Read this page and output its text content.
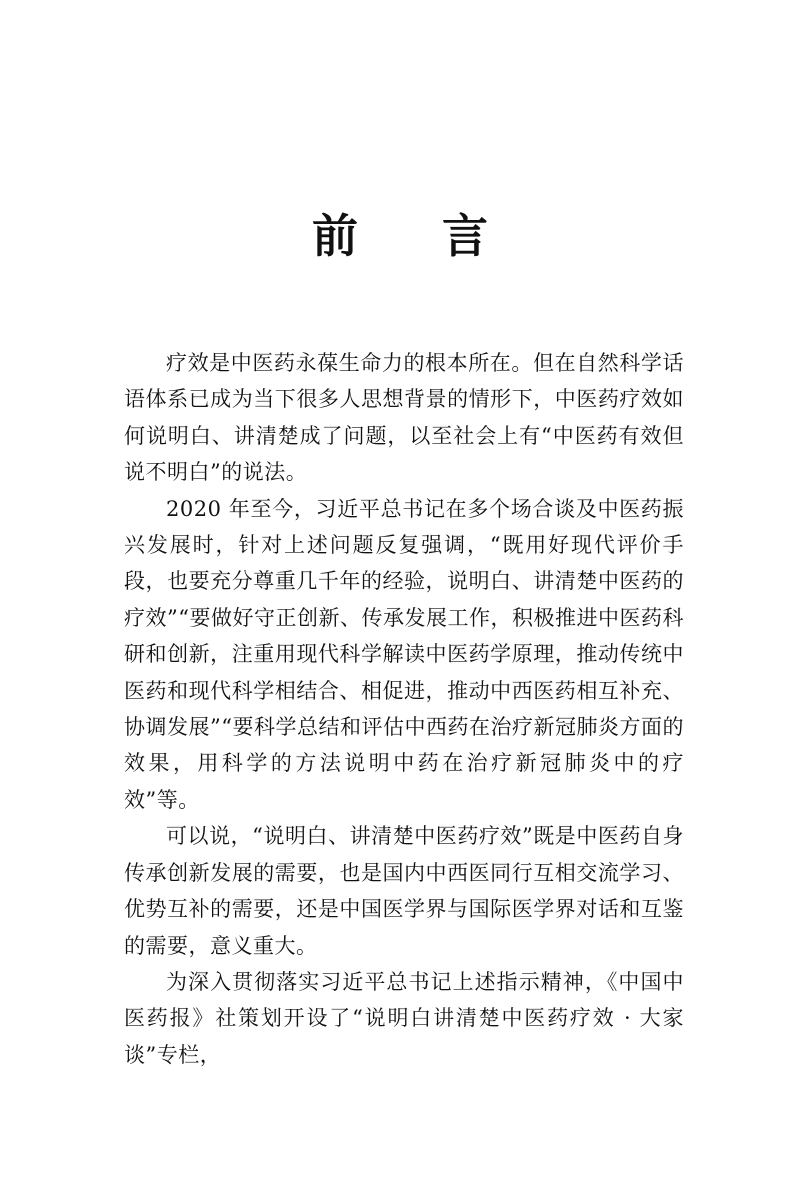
前 言

疗效是中医药永葆生命力的根本所在。但在自然科学话语体系已成为当下很多人思想背景的情形下，中医药疗效如何说明白、讲清楚成了问题，以至社会上有“中医药有效但说不明白”的说法。

2020 年至今，习近平总书记在多个场合谈及中医药振兴发展时，针对上述问题反复强调，“既用好现代评价手段，也要充分尊重几千年的经验，说明白、讲清楚中医药的疗效”“要做好守正创新、传承发展工作，积极推进中医药科研和创新，注重用现代科学解读中医药学原理，推动传统中医药和现代科学相结合、相促进，推动中西医药相互补充、协调发展”“要科学总结和评估中西药在治疗新冠肺炎方面的效果，用科学的方法说明中药在治疗新冠肺炎中的疗效”等。

可以说，“说明白、讲清楚中医药疗效”既是中医药自身传承创新发展的需要，也是国内中西医同行互相交流学习、优势互补的需要，还是中国医学界与国际医学界对话和互鉴的需要，意义重大。

为深入贯彻落实习近平总书记上述指示精神，《中国中医药报》社策划开设了“说明白讲清楚中医药疗效 · 大家谈”专栏，
